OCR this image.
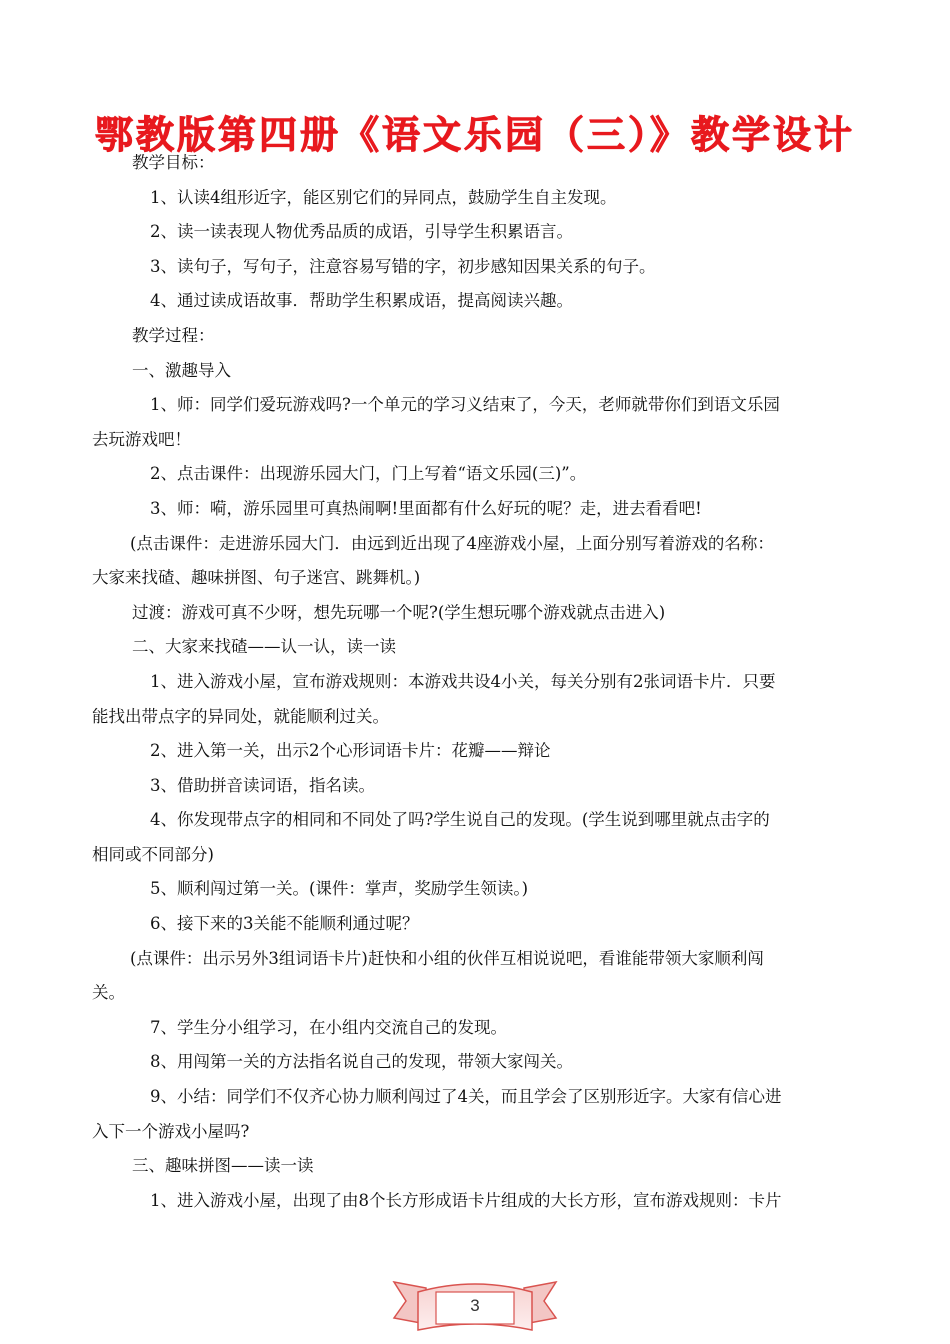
鄂教版第四册《语文乐园（三）》教学设计

教学目标：

1、认读4组形近字，能区别它们的异同点，鼓励学生自主发现。

2、读一读表现人物优秀品质的成语，引导学生积累语言。

3、读句子，写句子，注意容易写错的字，初步感知因果关系的句子。

4、通过读成语故事．帮助学生积累成语，提高阅读兴趣。

教学过程：

一、激趣导入

1、师：同学们爱玩游戏吗?一个单元的学习义结束了，今天，老师就带你们到语文乐园

去玩游戏吧！

2、点击课件：出现游乐园大门，门上写着“语文乐园(三)”。

3、师：嗬，游乐园里可真热闹啊!里面都有什么好玩的呢？走，进去看看吧!

(点击课件：走进游乐园大门．由远到近出现了4座游戏小屋，上面分别写着游戏的名称：

大家来找碴、趣味拼图、句子迷宫、跳舞机。)

过渡：游戏可真不少呀，想先玩哪一个呢?(学生想玩哪个游戏就点击进入)

二、大家来找碴——认一认，读一读

1、进入游戏小屋，宣布游戏规则：本游戏共设4小关，每关分别有2张词语卡片．只要

能找出带点字的异同处，就能顺利过关。

2、进入第一关，出示2个心形词语卡片：花瓣——辩论

3、借助拼音读词语，指名读。

4、你发现带点字的相同和不同处了吗?学生说自己的发现。(学生说到哪里就点击字的

相同或不同部分)

5、顺利闯过第一关。(课件：掌声，奖励学生领读。)

6、接下来的3关能不能顺利通过呢？

(点课件：出示另外3组词语卡片)赶快和小组的伙伴互相说说吧，看谁能带领大家顺利闯

关。

7、学生分小组学习，在小组内交流自己的发现。

8、用闯第一关的方法指名说自己的发现，带领大家闯关。

9、小结：同学们不仅齐心协力顺利闯过了4关，而且学会了区别形近字。大家有信心进

入下一个游戏小屋吗?

三、趣味拼图——读一读

1、进入游戏小屋，出现了由8个长方形成语卡片组成的大长方形，宣布游戏规则：卡片

3
